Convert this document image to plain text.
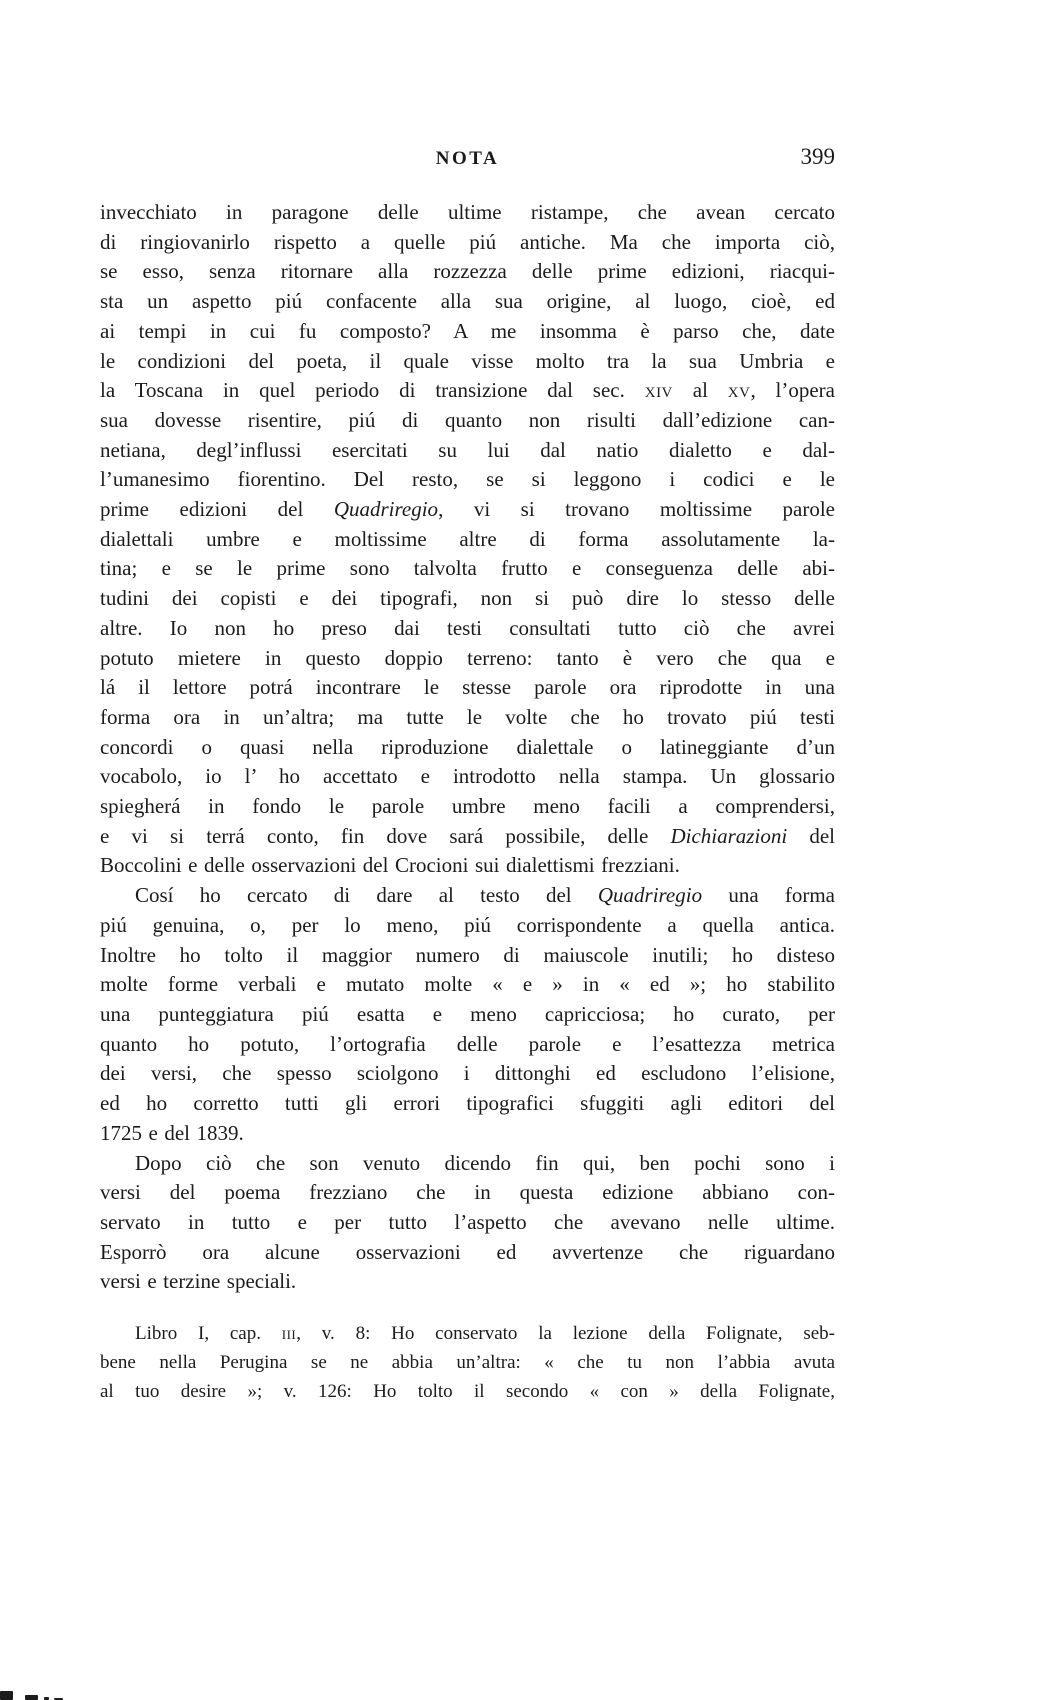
NOTA	399
invecchiato in paragone delle ultime ristampe, che avean cercato
di ringiovanirlo rispetto a quelle piú antiche. Ma che importa ciò,
se esso, senza ritornare alla rozzezza delle prime edizioni, riacqui-
sta un aspetto piú confacente alla sua origine, al luogo, cioè, ed
ai tempi in cui fu composto? A me insomma è parso che, date
le condizioni del poeta, il quale visse molto tra la sua Umbria e
la Toscana in quel periodo di transizione dal sec. xiv al xv, l’opera
sua dovesse risentire, piú di quanto non risulti dall’edizione can-
netiana, degl’influssi esercitati su lui dal natio dialetto e dal-
l’umanesimo fiorentino. Del resto, se si leggono i codici e le
prime edizioni del Quadriregio, vi si trovano moltissime parole
dialettali umbre e moltissime altre di forma assolutamente la-
tina; e se le prime sono talvolta frutto e conseguenza delle abi-
tudini dei copisti e dei tipografi, non si può dire lo stesso delle
altre. Io non ho preso dai testi consultati tutto ciò che avrei
potuto mietere in questo doppio terreno: tanto è vero che qua e
lá il lettore potrá incontrare le stesse parole ora riprodotte in una
forma ora in un’altra; ma tutte le volte che ho trovato piú testi
concordi o quasi nella riproduzione dialettale o latineggiante d’un
vocabolo, io l’ ho accettato e introdotto nella stampa. Un glossario
spiegherá in fondo le parole umbre meno facili a comprendersi,
e vi si terrá conto, fin dove sará possibile, delle Dichiarazioni del
Boccolini e delle osservazioni del Crocioni sui dialettismi frezziani.
Cosí ho cercato di dare al testo del Quadriregio una forma
piú genuina, o, per lo meno, piú corrispondente a quella antica.
Inoltre ho tolto il maggior numero di maiuscole inutili; ho disteso
molte forme verbali e mutato molte « e » in « ed »; ho stabilito
una punteggiatura piú esatta e meno capricciosa; ho curato, per
quanto ho potuto, l’ortografia delle parole e l’esattezza metrica
dei versi, che spesso sciolgono i dittonghi ed escludono l’elisione,
ed ho corretto tutti gli errori tipografici sfuggiti agli editori del
1725 e del 1839.
Dopo ciò che son venuto dicendo fin qui, ben pochi sono i
versi del poema frezziano che in questa edizione abbiano con-
servato in tutto e per tutto l’aspetto che avevano nelle ultime.
Esporrò ora alcune osservazioni ed avvertenze che riguardano
versi e terzine speciali.
Libro I, cap. iii, v. 8: Ho conservato la lezione della Folignate, seb-
bene nella Perugina se ne abbia un’altra: « che tu non l’abbia avuta
al tuo desire »; v. 126: Ho tolto il secondo « con » della Folignate,
